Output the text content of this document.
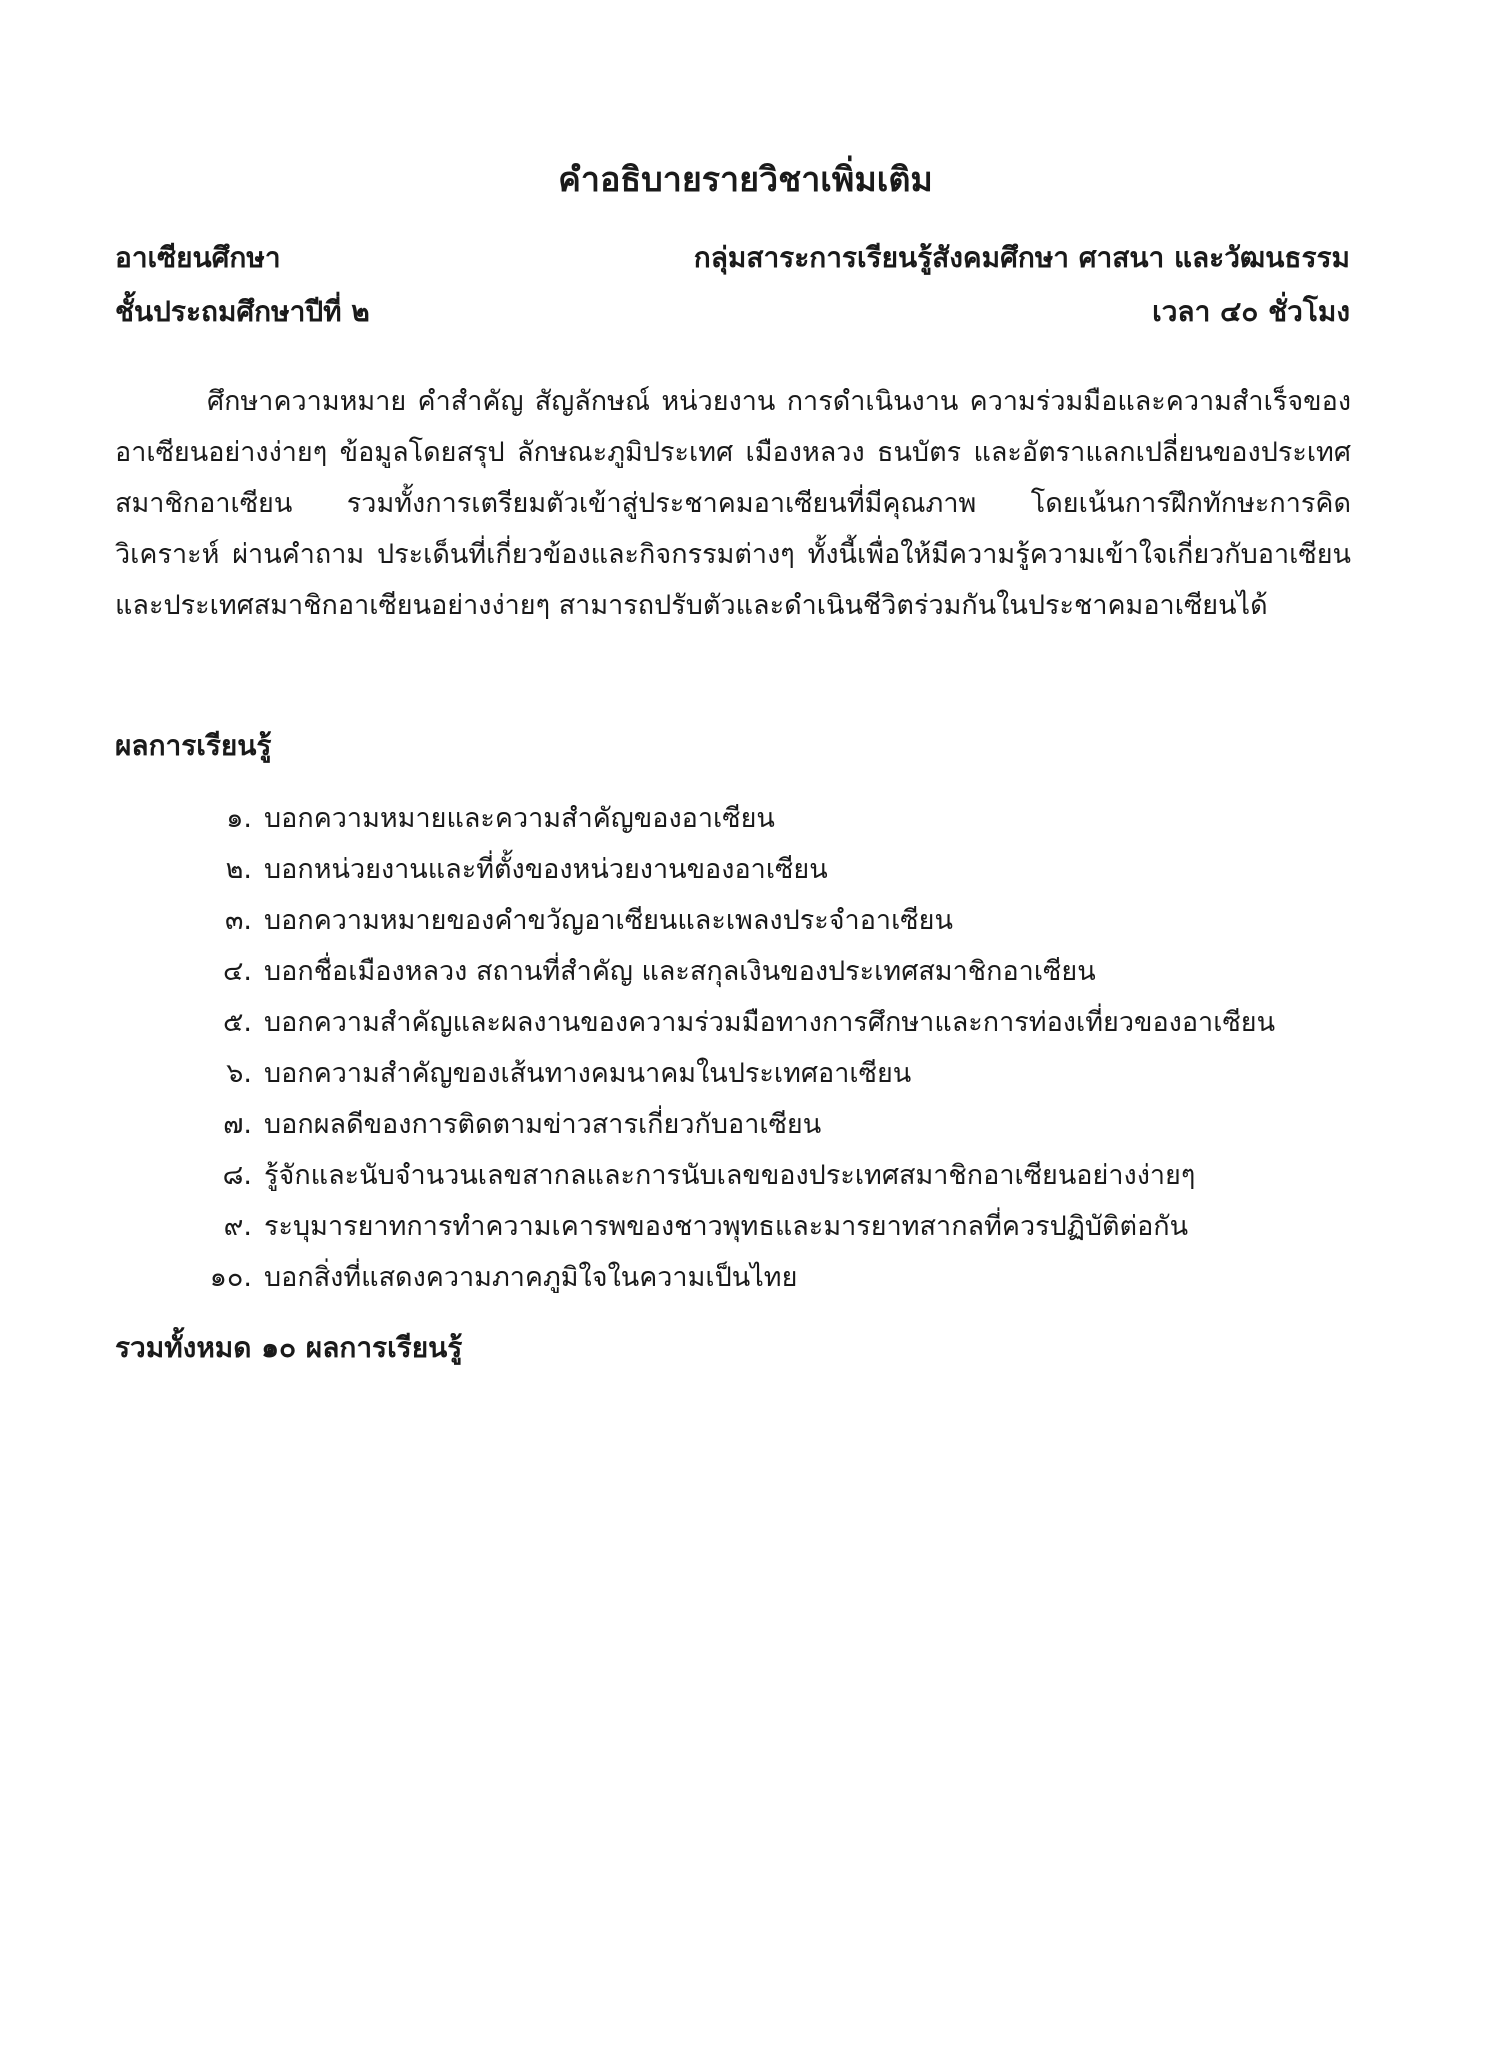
คำอธิบายรายวิชาเพิ่มเติม
อาเซียนศึกษา	กลุ่มสาระการเรียนรู้สังคมศึกษา ศาสนา และวัฒนธรรม
ชั้นประถมศึกษาปีที่ ๒	เวลา ๔๐ ชั่วโมง

ศึกษาความหมาย คำสำคัญ สัญลักษณ์ หน่วยงาน การดำเนินงาน ความร่วมมือและความสำเร็จของอาเซียนอย่างง่ายๆ ข้อมูลโดยสรุป ลักษณะภูมิประเทศ เมืองหลวง ธนบัตร และอัตราแลกเปลี่ยนของประเทศสมาชิกอาเซียน รวมทั้งการเตรียมตัวเข้าสู่ประชาคมอาเซียนที่มีคุณภาพ โดยเน้นการฝึกทักษะการคิดวิเคราะห์ ผ่านคำถาม ประเด็นที่เกี่ยวข้องและกิจกรรมต่างๆ ทั้งนี้เพื่อให้มีความรู้ความเข้าใจเกี่ยวกับอาเซียนและประเทศสมาชิกอาเซียนอย่างง่ายๆ สามารถปรับตัวและดำเนินชีวิตร่วมกันในประชาคมอาเซียนได้

ผลการเรียนรู้
๑. บอกความหมายและความสำคัญของอาเซียน
๒. บอกหน่วยงานและที่ตั้งของหน่วยงานของอาเซียน
๓. บอกความหมายของคำขวัญอาเซียนและเพลงประจำอาเซียน
๔. บอกชื่อเมืองหลวง สถานที่สำคัญ และสกุลเงินของประเทศสมาชิกอาเซียน
๕. บอกความสำคัญและผลงานของความร่วมมือทางการศึกษาและการท่องเที่ยวของอาเซียน
๖. บอกความสำคัญของเส้นทางคมนาคมในประเทศอาเซียน
๗. บอกผลดีของการติดตามข่าวสารเกี่ยวกับอาเซียน
๘. รู้จักและนับจำนวนเลขสากลและการนับเลขของประเทศสมาชิกอาเซียนอย่างง่ายๆ
๙. ระบุมารยาทการทำความเคารพของชาวพุทธและมารยาทสากลที่ควรปฏิบัติต่อกัน
๑๐. บอกสิ่งที่แสดงความภาคภูมิใจในความเป็นไทย
รวมทั้งหมด ๑๐ ผลการเรียนรู้
